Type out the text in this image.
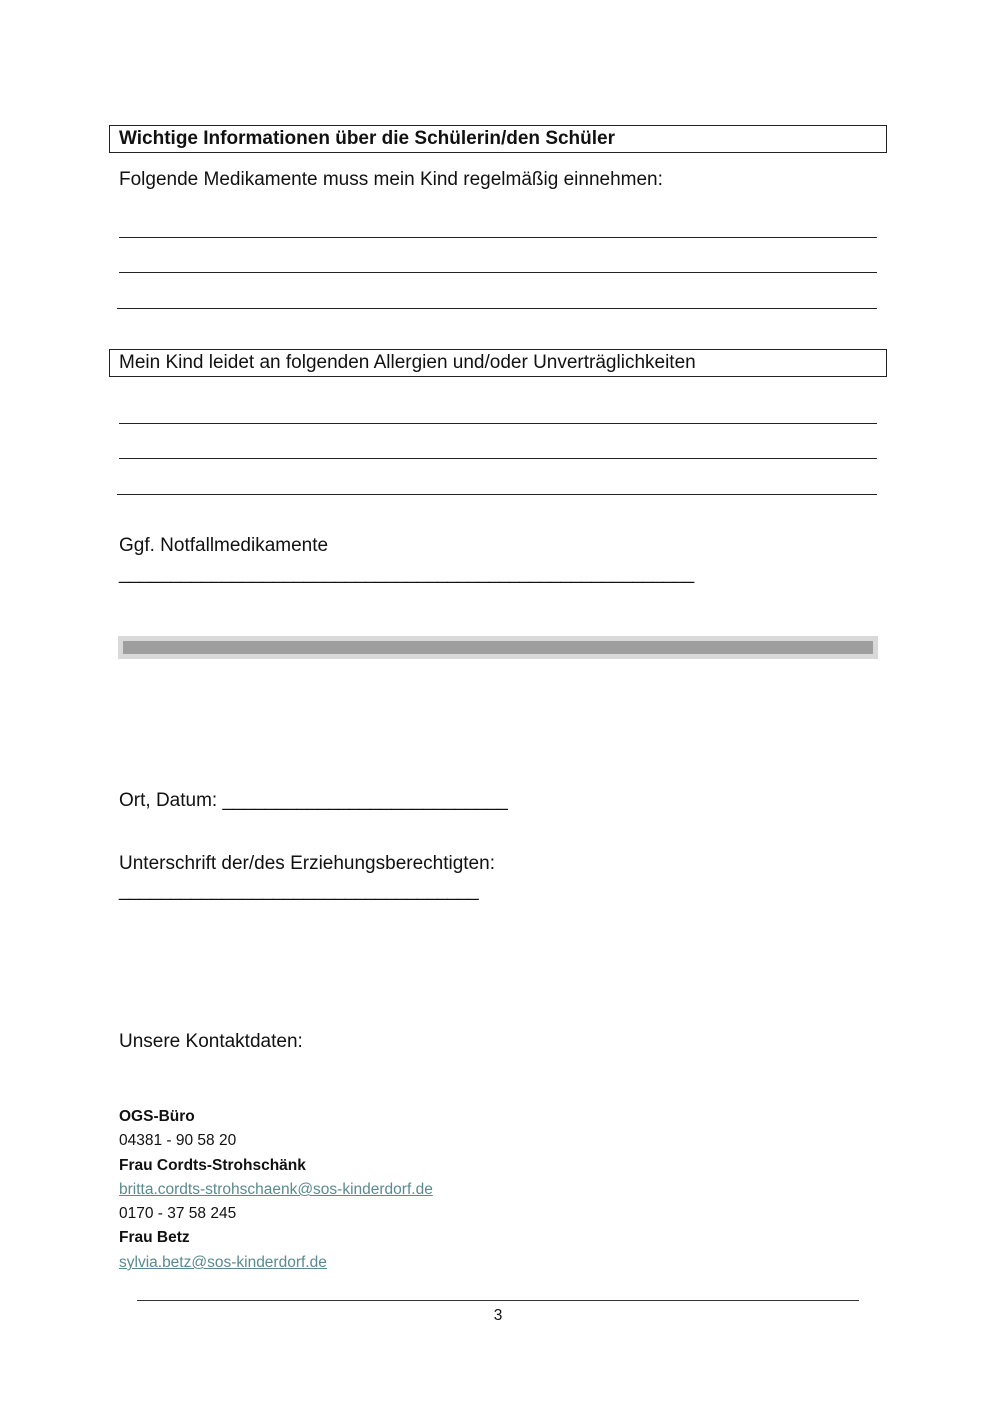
Wichtige Informationen über die Schülerin/den Schüler
Folgende Medikamente muss mein Kind regelmäßig einnehmen:
Mein Kind leidet an folgenden Allergien und/oder Unverträglichkeiten
Ggf. Notfallmedikamente
________________________________________________________
Ort, Datum: ___________________________
Unterschrift der/des Erziehungsberechtigten:
___________________________________
Unsere Kontaktdaten:
OGS-Büro
04381 - 90 58 20
Frau Cordts-Strohschänk
britta.cordts-strohschaenk@sos-kinderdorf.de
0170 - 37 58 245
Frau Betz
sylvia.betz@sos-kinderdorf.de
3
